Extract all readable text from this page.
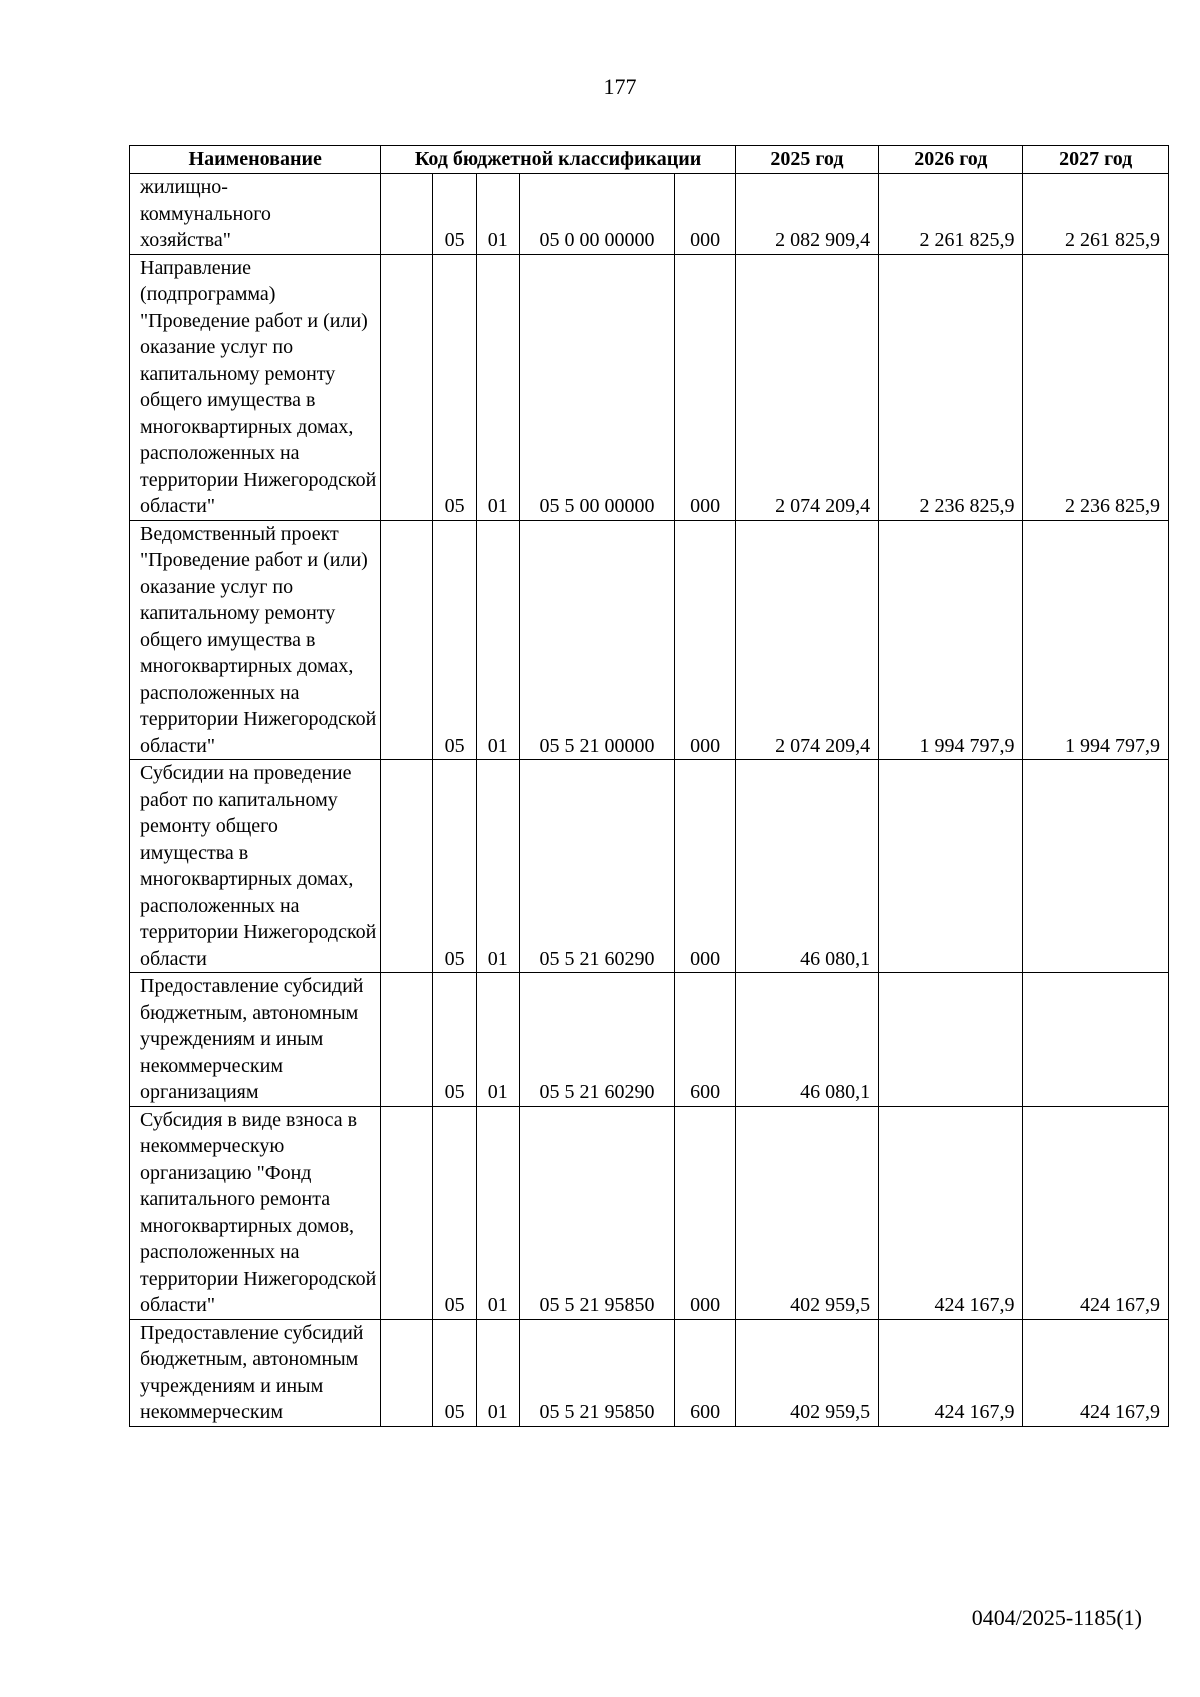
177
Наименование	Код бюджетной классификации					2025 год	2026 год	2027 год
жилищно-
коммунального
хозяйства"		05	01	05 0 00 00000	000	2 082 909,4	2 261 825,9	2 261 825,9
Направление (подпрограмма) "Проведение работ и (или) оказание услуг по капитальному ремонту общего имущества в многоквартирных домах, расположенных на территории Нижегородской области"		05	01	05 5 00 00000	000	2 074 209,4	2 236 825,9	2 236 825,9
Ведомственный проект "Проведение работ и (или) оказание услуг по капитальному ремонту общего имущества в многоквартирных домах, расположенных на территории Нижегородской области"		05	01	05 5 21 00000	000	2 074 209,4	1 994 797,9	1 994 797,9
Субсидии на проведение работ по капитальному ремонту общего имущества в многоквартирных домах, расположенных на территории Нижегородской области		05	01	05 5 21 60290	000	46 080,1		
Предоставление субсидий бюджетным, автономным учреждениям и иным некоммерческим организациям		05	01	05 5 21 60290	600	46 080,1		
Субсидия в виде взноса в некоммерческую организацию "Фонд капитального ремонта многоквартирных домов, расположенных на территории Нижегородской области"		05	01	05 5 21 95850	000	402 959,5	424 167,9	424 167,9
Предоставление субсидий бюджетным, автономным учреждениям и иным некоммерческим		05	01	05 5 21 95850	600	402 959,5	424 167,9	424 167,9
0404/2025-1185(1)
